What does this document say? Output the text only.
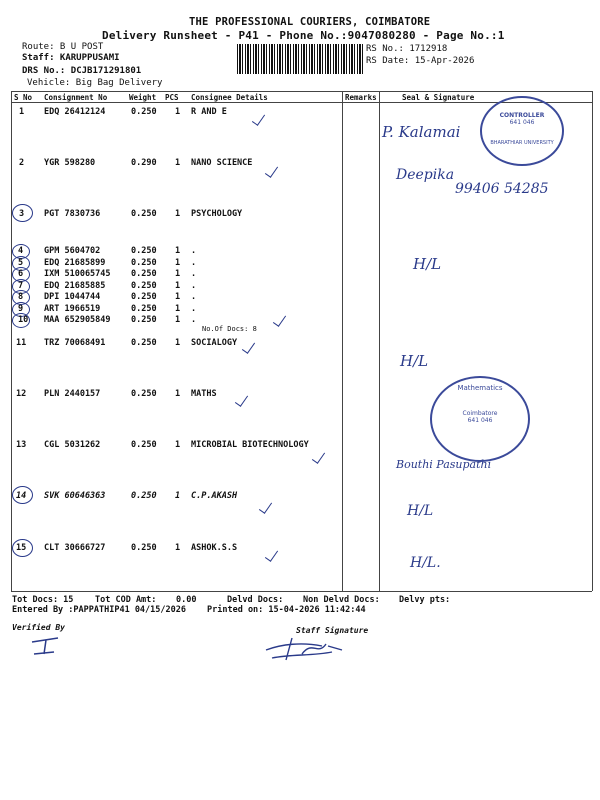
THE PROFESSIONAL COURIERS, COIMBATORE
Delivery Runsheet - P41 - Phone No.:9047080280 - Page No.:1
Route: B U POST
Staff: KARUPPUSAMI
DRS No.: DCJB171291801
Vehicle: Big Bag Delivery
RS No.: 1712918
RS Date: 15-Apr-2026
S No Consignment No	Weight PCS Consignee Details	Remarks	Seal & Signature
1 EDQ 26412124	0.250 1 R AND E
2 YGR 598280	0.290 1 NANO SCIENCE
3 PGT 7830736	0.250 1 PSYCHOLOGY
4 GPM 5604702	0.250 1 .
5 EDQ 21685899	0.250 1 .
6 IXM 510065745 0.250 1 .
7 EDQ 21685885	0.250 1 .
8 DPI 1044744	0.250 1 .
9 ART 1966519	0.250 1 .
10 MAA 652905849 0.250 1 .
No.Of Docs: 8
11 TRZ 70068491	0.250 1 SOCIALOGY
12 PLN 2440157	0.250 1 MATHS
13 CGL 5031262	0.250 1 MICROBIAL BIOTECHNOLOGY
14 SVK 60646363	0.250 1 C.P.AKASH
15 CLT 30666727	0.250 1 ASHOK.S.S
P. Kalamai
Deepika
99406 54285
H/L
H/L
Bouthi Pasupathi
H/L
H/L.
CONTROLLER
641 046
BHARATHIAR UNIVERSITY
Mathematics
Coimbatore
641 046
Tot Docs: 15	Tot COD Amt: 0.00	Delvd Docs: Non Delvd Docs: Delvy pts:
Entered By :PAPPATHIP41 04/15/2026 Printed on: 15-04-2026 11:42:44
Verified By	Staff Signature
